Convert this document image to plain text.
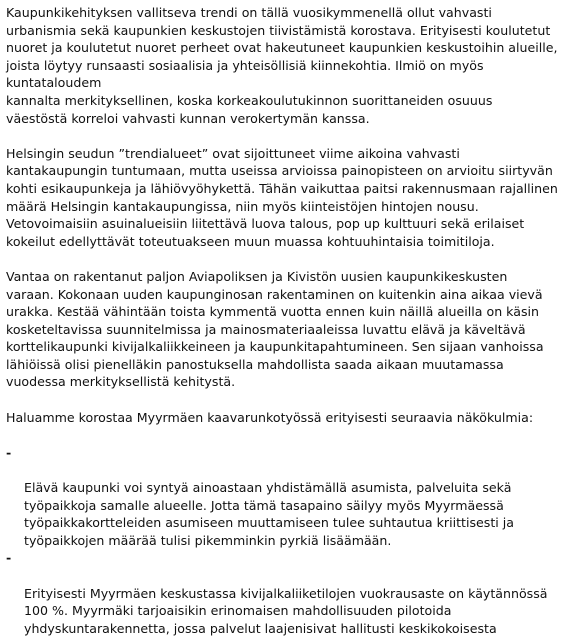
Kaupunkikehityksen vallitseva trendi on tällä vuosikymmenellä ollut vahvasti
urbanismia sekä kaupunkien keskustojen tiivistämistä korostava. Erityisesti koulutetut
nuoret ja koulutetut nuoret perheet ovat hakeutuneet kaupunkien keskustoihin alueille,
joista löytyy runsaasti sosiaalisia ja yhteisöllisiä kiinnekohtia. Ilmiö on myös kuntataloudem
kannalta merkityksellinen, koska korkeakoulutukinnon suorittaneiden osuuus
väestöstä korreloi vahvasti kunnan verokertymän kanssa.

Helsingin seudun ”trendialueet” ovat sijoittuneet viime aikoina vahvasti
kantakaupungin tuntumaan, mutta useissa arvioissa painopisteen on arvioitu siirtyvän
kohti esikaupunkeja ja lähiövyöhykettä. Tähän vaikuttaa paitsi rakennusmaan rajallinen
määrä Helsingin kantakaupungissa, niin myös kiinteistöjen hintojen nousu.
Vetovoimaisiin asuinalueisiin liitettävä luova talous, pop up kulttuuri sekä erilaiset
kokeilut edellyttävät toteutuakseen muun muassa kohtuuhintaisia toimitiloja.

Vantaa on rakentanut paljon Aviapoliksen ja Kivistön uusien kaupunkikeskusten
varaan. Kokonaan uuden kaupunginosan rakentaminen on kuitenkin aina aikaa vievä
urakka. Kestää vähintään toista kymmentä vuotta ennen kuin näillä alueilla on käsin
kosketeltavissa suunnitelmissa ja mainosmateriaaleissa luvattu elävä ja käveltävä
korttelikaupunki kivijalkaliikkeineen ja kaupunkitapahtumineen. Sen sijaan vanhoissa
lähiöissä olisi pienelläkin panostuksella mahdollista saada aikaan muutamassa
vuodessa merkityksellistä kehitystä.

Haluamme korostaa Myyrmäen kaavarunkotyössä erityisesti seuraavia näkökulmia:

-

Elävä kaupunki voi syntyä ainoastaan yhdistämällä asumista, palveluita sekä
työpaikkoja samalle alueelle. Jotta tämä tasapaino säilyy myös Myyrmäessä
työpaikkakortteleiden asumiseen muuttamiseen tulee suhtautua kriittisesti ja
työpaikkojen määrää tulisi pikemminkin pyrkiä lisäämään.

-

Erityisesti Myyrmäen keskustassa kivijalkaliiketilojen vuokrausaste on käytännössä
100 %. Myyrmäki tarjoaisikin erinomaisen mahdollisuuden pilotoida
yhdyskuntarakennetta, jossa palvelut laajenisivat hallitusti keskikokoisesta
